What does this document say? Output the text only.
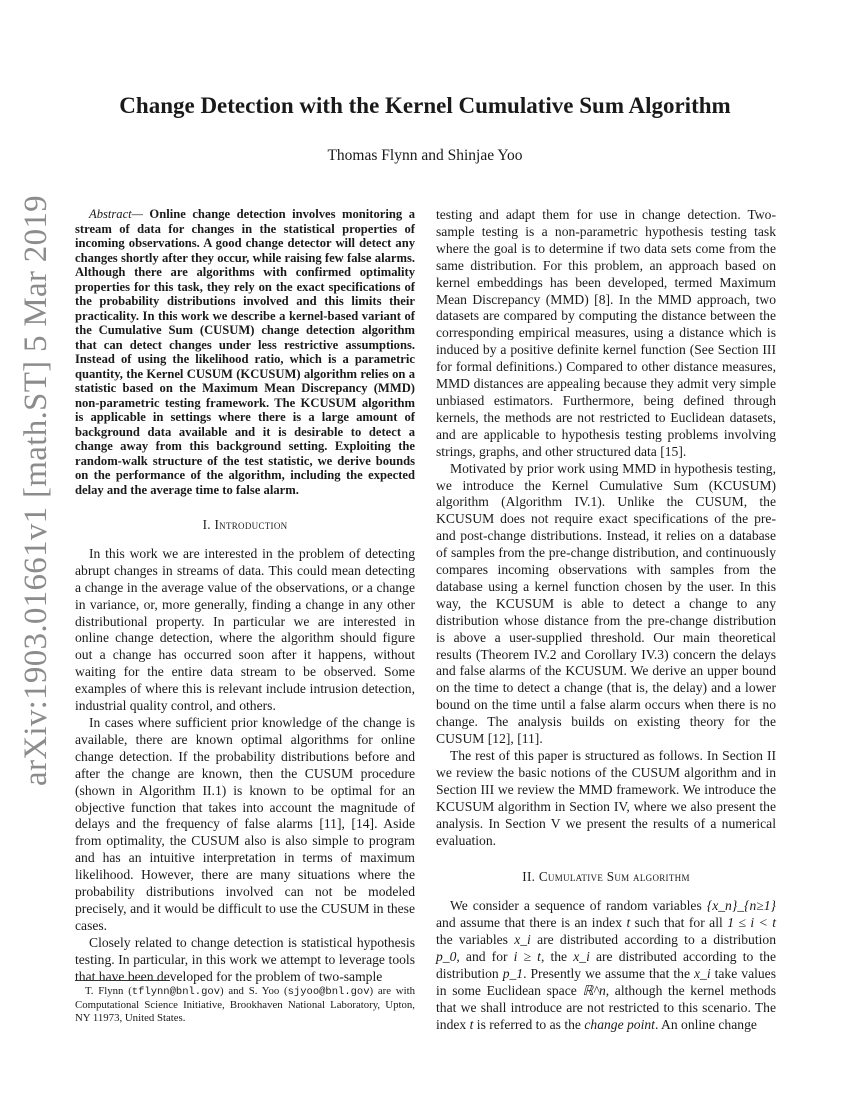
arXiv:1903.01661v1 [math.ST] 5 Mar 2019
Change Detection with the Kernel Cumulative Sum Algorithm
Thomas Flynn and Shinjae Yoo

Abstract— Online change detection involves monitoring a stream of data for changes in the statistical properties of incoming observations. A good change detector will detect any changes shortly after they occur, while raising few false alarms. Although there are algorithms with confirmed optimality properties for this task, they rely on the exact specifications of the probability distributions involved and this limits their practicality. In this work we describe a kernel-based variant of the Cumulative Sum (CUSUM) change detection algorithm that can detect changes under less restrictive assumptions. Instead of using the likelihood ratio, which is a parametric quantity, the Kernel CUSUM (KCUSUM) algorithm relies on a statistic based on the Maximum Mean Discrepancy (MMD) non-parametric testing framework. The KCUSUM algorithm is applicable in settings where there is a large amount of background data available and it is desirable to detect a change away from this background setting. Exploiting the random-walk structure of the test statistic, we derive bounds on the performance of the algorithm, including the expected delay and the average time to false alarm.

I. Introduction

In this work we are interested in the problem of detecting abrupt changes in streams of data. This could mean detecting a change in the average value of the observations, or a change in variance, or, more generally, finding a change in any other distributional property. In particular we are interested in online change detection, where the algorithm should figure out a change has occurred soon after it happens, without waiting for the entire data stream to be observed. Some examples of where this is relevant include intrusion detection, industrial quality control, and others.

In cases where sufficient prior knowledge of the change is available, there are known optimal algorithms for online change detection. If the probability distributions before and after the change are known, then the CUSUM procedure (shown in Algorithm II.1) is known to be optimal for an objective function that takes into account the magnitude of delays and the frequency of false alarms [11], [14]. Aside from optimality, the CUSUM also is also simple to program and has an intuitive interpretation in terms of maximum likelihood. However, there are many situations where the probability distributions involved can not be modeled precisely, and it would be difficult to use the CUSUM in these cases.

Closely related to change detection is statistical hypothesis testing. In particular, in this work we attempt to leverage tools that have been developed for the problem of two-sample

testing and adapt them for use in change detection. Two-sample testing is a non-parametric hypothesis testing task where the goal is to determine if two data sets come from the same distribution. For this problem, an approach based on kernel embeddings has been developed, termed Maximum Mean Discrepancy (MMD) [8]. In the MMD approach, two datasets are compared by computing the distance between the corresponding empirical measures, using a distance which is induced by a positive definite kernel function (See Section III for formal definitions.) Compared to other distance measures, MMD distances are appealing because they admit very simple unbiased estimators. Furthermore, being defined through kernels, the methods are not restricted to Euclidean datasets, and are applicable to hypothesis testing problems involving strings, graphs, and other structured data [15].

Motivated by prior work using MMD in hypothesis testing, we introduce the Kernel Cumulative Sum (KCUSUM) algorithm (Algorithm IV.1). Unlike the CUSUM, the KCUSUM does not require exact specifications of the pre- and post-change distributions. Instead, it relies on a database of samples from the pre-change distribution, and continuously compares incoming observations with samples from the database using a kernel function chosen by the user. In this way, the KCUSUM is able to detect a change to any distribution whose distance from the pre-change distribution is above a user-supplied threshold. Our main theoretical results (Theorem IV.2 and Corollary IV.3) concern the delays and false alarms of the KCUSUM. We derive an upper bound on the time to detect a change (that is, the delay) and a lower bound on the time until a false alarm occurs when there is no change. The analysis builds on existing theory for the CUSUM [12], [11].

The rest of this paper is structured as follows. In Section II we review the basic notions of the CUSUM algorithm and in Section III we review the MMD framework. We introduce the KCUSUM algorithm in Section IV, where we also present the analysis. In Section V we present the results of a numerical evaluation.

II. Cumulative Sum algorithm

We consider a sequence of random variables {x_n}_{n≥1} and assume that there is an index t such that for all 1 ≤ i < t the variables x_i are distributed according to a distribution p_0, and for i ≥ t, the x_i are distributed according to the distribution p_1. Presently we assume that the x_i take values in some Euclidean space ℝ^n, although the kernel methods that we shall introduce are not restricted to this scenario. The index t is referred to as the change point. An online change

T. Flynn (tflynn@bnl.gov) and S. Yoo (sjyoo@bnl.gov) are with Computational Science Initiative, Brookhaven National Laboratory, Upton, NY 11973, United States.
